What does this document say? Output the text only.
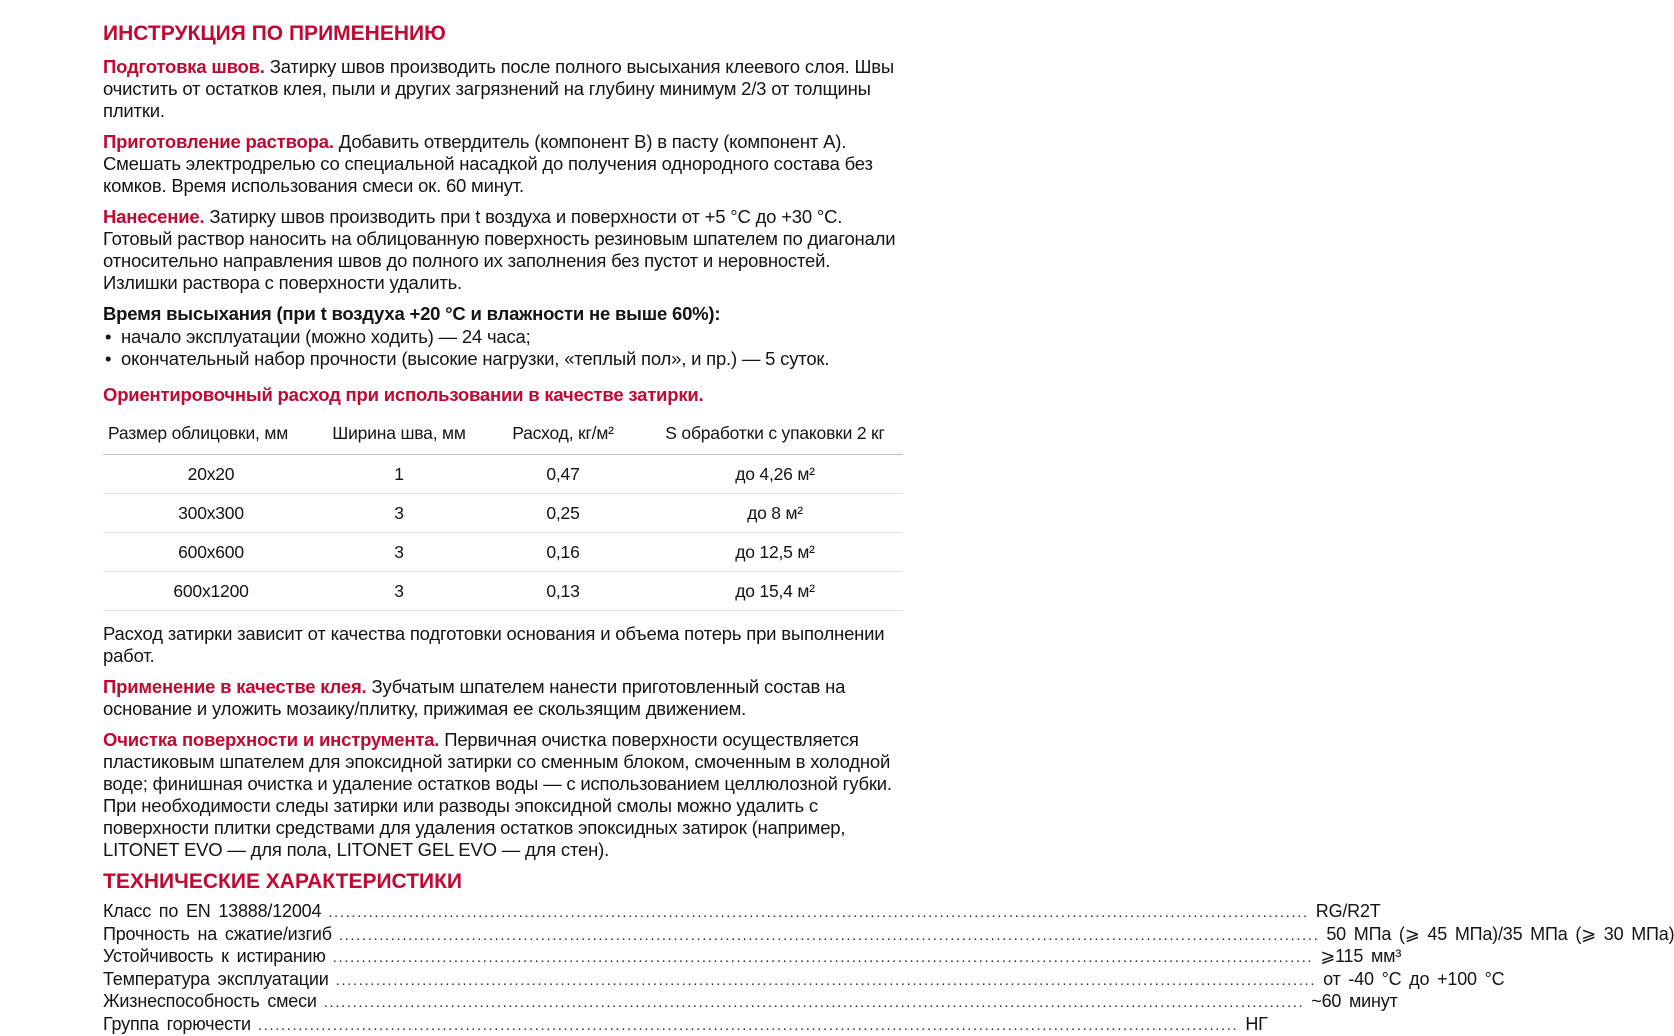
ИНСТРУКЦИЯ ПО ПРИМЕНЕНИЮ

Подготовка швов. Затирку швов производить после полного высыхания клеевого слоя. Швы очистить от остатков клея, пыли и других загрязнений на глубину минимум 2/3 от толщины плитки.

Приготовление раствора. Добавить отвердитель (компонент В) в пасту (компонент А). Смешать электродрелью со специальной насадкой до получения однородного состава без комков. Время использования смеси ок. 60 минут.

Нанесение. Затирку швов производить при t воздуха и поверхности от +5 °С до +30 °С. Готовый раствор наносить на облицованную поверхность резиновым шпателем по диагонали относительно направления швов до полного их заполнения без пустот и неровностей. Излишки раствора с поверхности удалить.

Время высыхания (при t воздуха +20 °С и влажности не выше 60%):
• начало эксплуатации (можно ходить) — 24 часа;
• окончательный набор прочности (высокие нагрузки, «теплый пол», и пр.) — 5 суток.
Ориентировочный расход при использовании в качестве затирки.
Размер облицовки, мм	Ширина шва, мм	Расход, кг/м²	S обработки с упаковки 2 кг
20х20	1	0,47	до 4,26 м²
300х300	3	0,25	до 8 м²
600х600	3	0,16	до 12,5 м²
600х1200	3	0,13	до 15,4 м²

Расход затирки зависит от качества подготовки основания и объема потерь при выполнении работ.

Применение в качестве клея. Зубчатым шпателем нанести приготовленный состав на основание и уложить мозаику/плитку, прижимая ее скользящим движением.

Очистка поверхности и инструмента. Первичная очистка поверхности осуществляется пластиковым шпателем для эпоксидной затирки со сменным блоком, смоченным в холодной воде; финишная очистка и удаление остатков воды — с использованием целлюлозной губки. При необходимости следы затирки или разводы эпоксидной смолы можно удалить с поверхности плитки средствами для удаления остатков эпоксидных затирок (например, LITONET EVO — для пола, LITONET GEL EVO — для стен).

ТЕХНИЧЕСКИЕ ХАРАКТЕРИСТИКИ
Класс по EN 13888/12004 .....	RG/R2T
Прочность на сжатие/изгиб .....	50 МПа (⩾ 45 МПа)/35 МПа (⩾ 30 МПа)
Устойчивость к истиранию .....	⩾115 мм³
Температура эксплуатации .....	от -40 °С до +100 °С
Жизнеспособность смеси .....	~60 минут
Группа горючести .....	НГ
